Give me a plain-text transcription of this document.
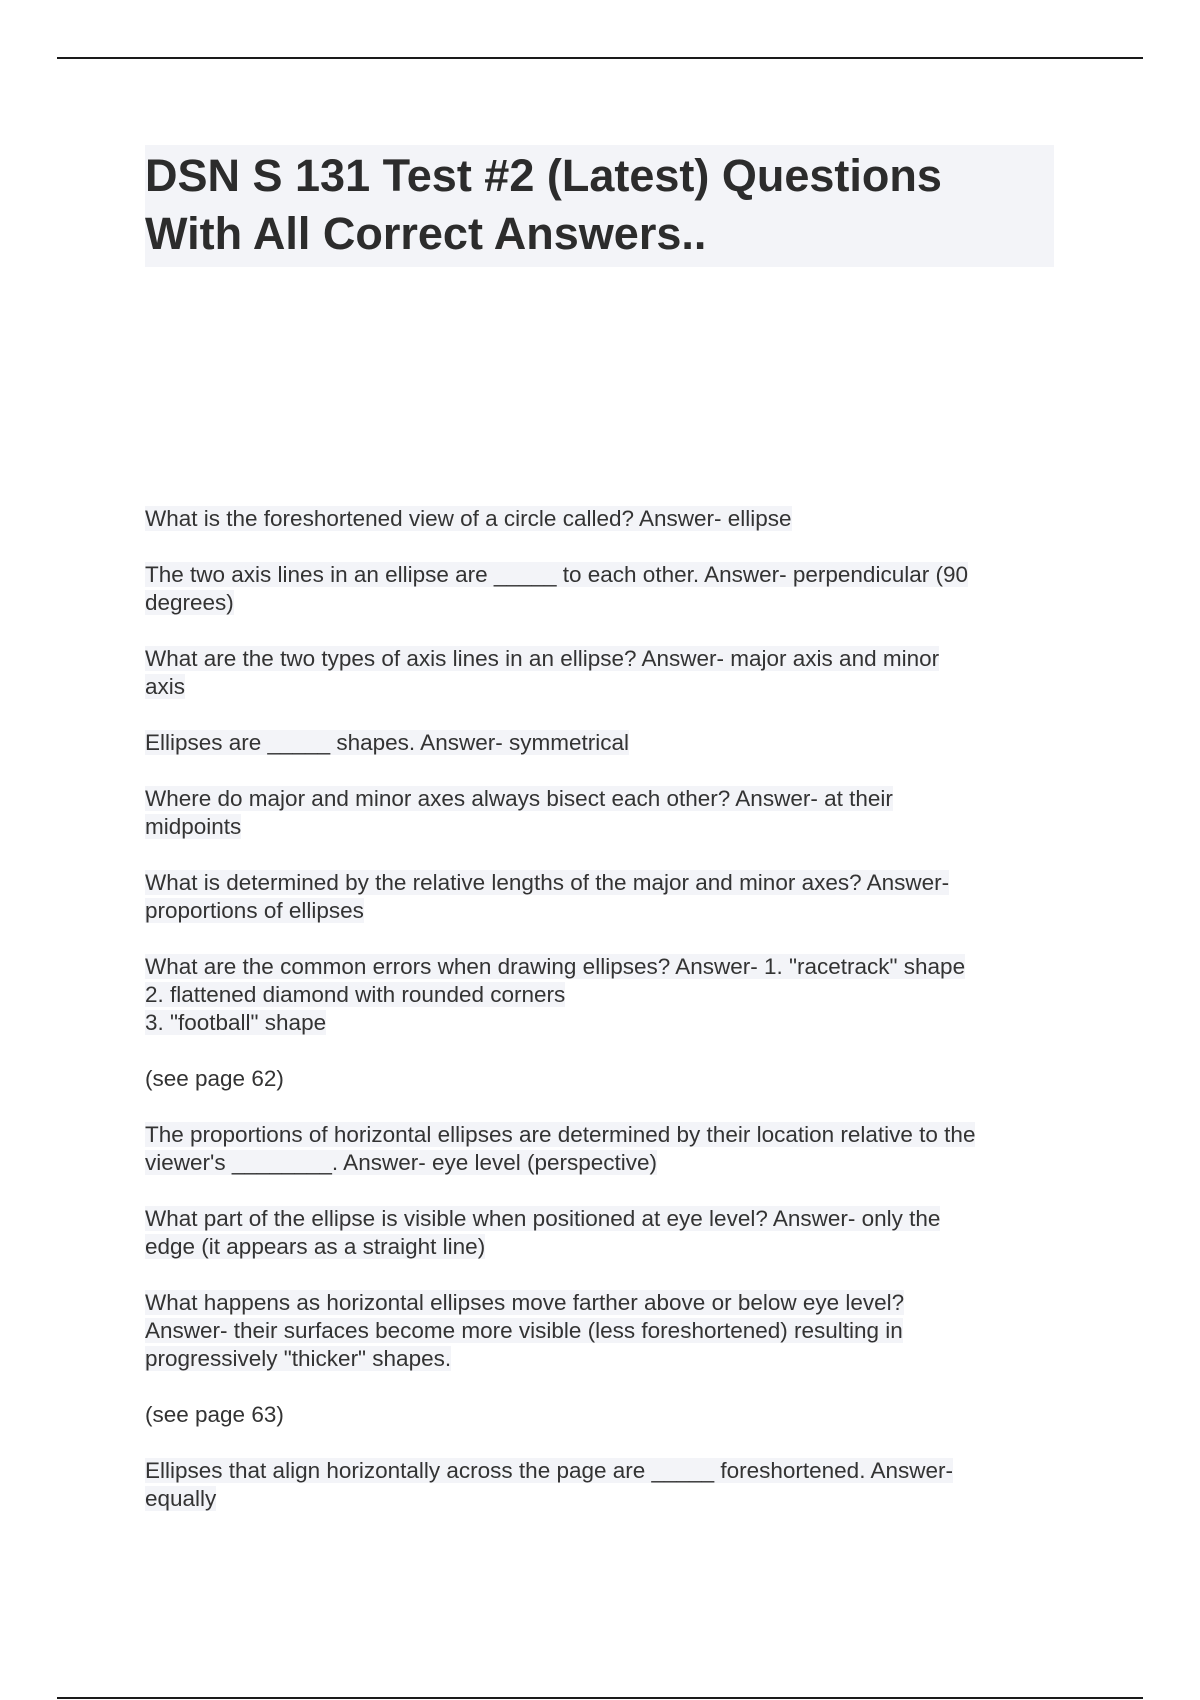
DSN S 131 Test #2 (Latest) Questions
With All Correct Answers..

What is the foreshortened view of a circle called? Answer- ellipse

The two axis lines in an ellipse are _____ to each other. Answer- perpendicular (90
degrees)

What are the two types of axis lines in an ellipse? Answer- major axis and minor
axis

Ellipses are _____ shapes. Answer- symmetrical

Where do major and minor axes always bisect each other? Answer- at their
midpoints

What is determined by the relative lengths of the major and minor axes? Answer-
proportions of ellipses

What are the common errors when drawing ellipses? Answer- 1. "racetrack" shape
2. flattened diamond with rounded corners
3. "football" shape

(see page 62)

The proportions of horizontal ellipses are determined by their location relative to the
viewer's ________. Answer- eye level (perspective)

What part of the ellipse is visible when positioned at eye level? Answer- only the
edge (it appears as a straight line)

What happens as horizontal ellipses move farther above or below eye level?
Answer- their surfaces become more visible (less foreshortened) resulting in
progressively "thicker" shapes.

(see page 63)

Ellipses that align horizontally across the page are _____ foreshortened. Answer-
equally
